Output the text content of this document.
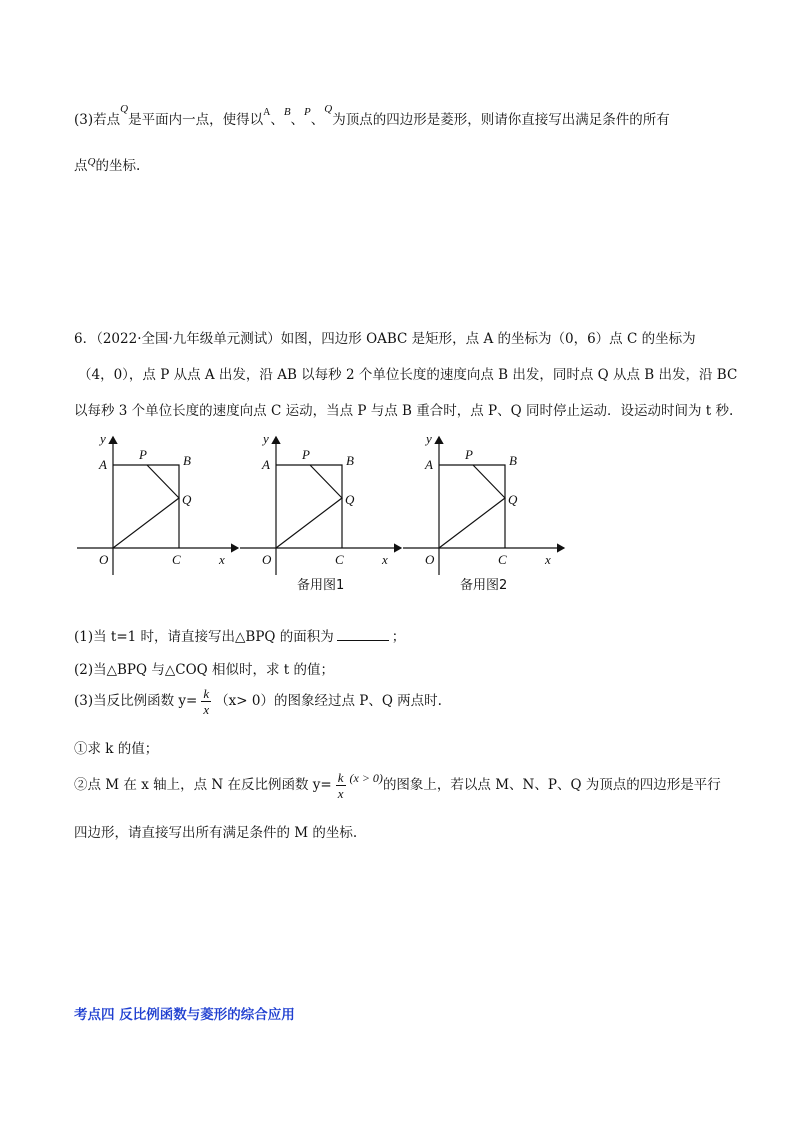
(3)若点$^Q$是平面内一点，使得以$^A$、$^B$、$^P$、$^Q$为顶点的四边形是菱形，则请你直接写出满足条件的所有
点$^Q$的坐标.
6．（2022·全国·九年级单元测试）如图，四边形 OABC 是矩形，点 A 的坐标为（0，6）点 C 的坐标为
（4，0），点 P 从点 A 出发，沿 AB 以每秒 2 个单位长度的速度向点 B 出发，同时点 Q 从点 B 出发，沿 BC
以每秒 3 个单位长度的速度向点 C 运动，当点 P 与点 B 重合时，点 P、Q 同时停止运动．设运动时间为 t 秒.
y
A
P	B
Q
O	C	x
y
A
P	B
Q
O	C	x
备用图1
y
A
P	B
Q
O	C	x
备用图2
(1)当 t=1 时，请直接写出△BPQ 的面积为	；
(2)当△BPQ 与△COQ 相似时，求 t 的值；
(3)当反比例函数 $y= \frac{k}{x} (x> 0)$的图象经过点 P、Q 两点时.
①求 k 的值；
②点 M 在 x 轴上，点 N 在反比例函数 $y= \frac{k}{x} (x > 0)$的图象上，若以点 M、N、P、Q 为顶点的四边形是平行
四边形，请直接写出所有满足条件的 M 的坐标.
考点四 反比例函数与菱形的综合应用
